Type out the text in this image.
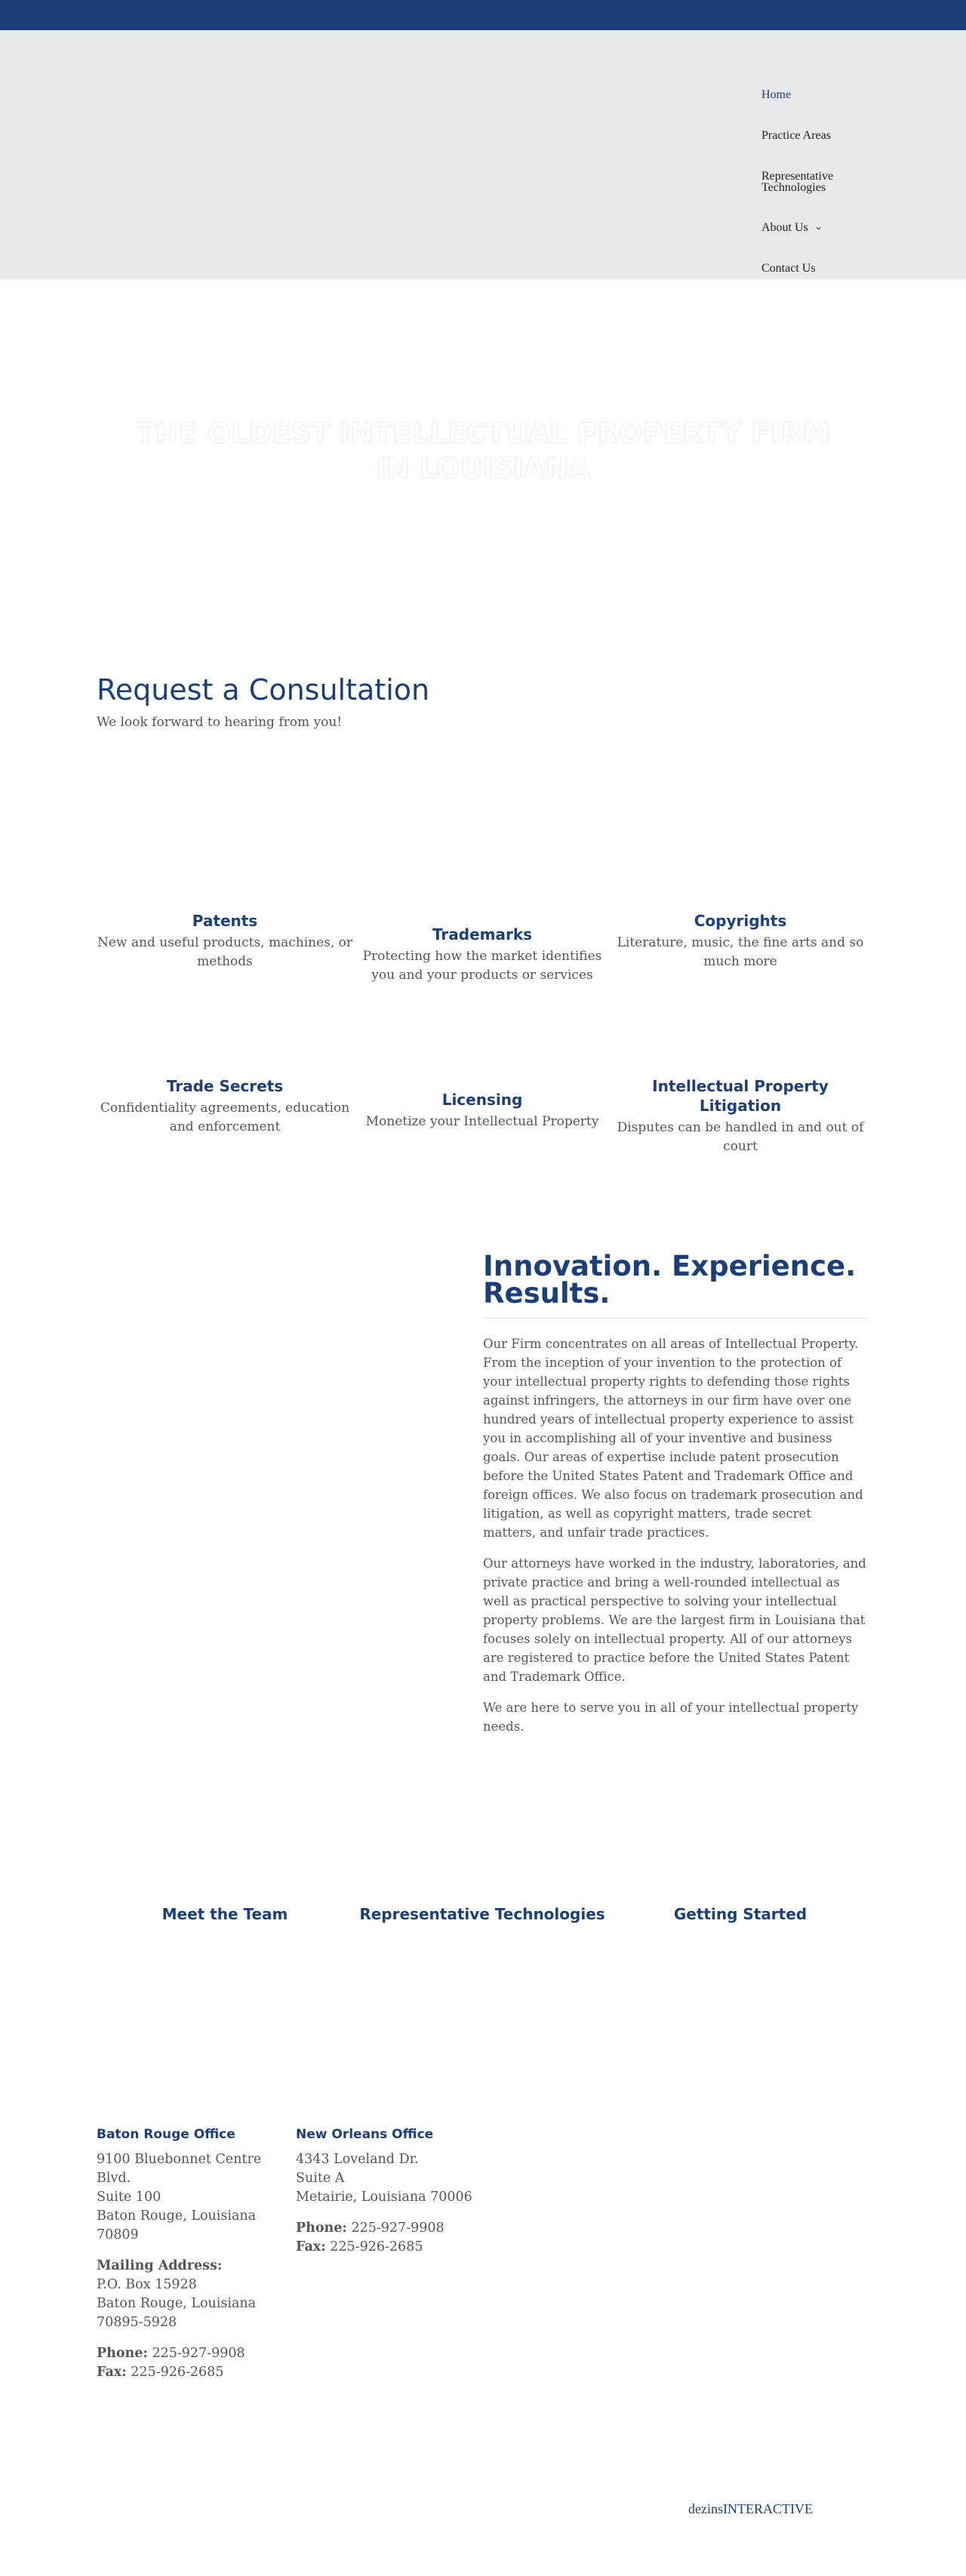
Home
Practice Areas
Representative Technologies
About Us ⌄
Contact Us
THE OLDEST INTELLECTUAL PROPERTY FIRM IN LOUISIANA
Request a Consultation

We look forward to hearing from you!

Patents
New and useful products, machines, or methods
Trademarks
Protecting how the market identifies you and your products or services
Copyrights
Literature, music, the fine arts and so much more
Trade Secrets
Confidentiality agreements, education and enforcement
Licensing
Monetize your Intellectual Property
Intellectual Property Litigation
Disputes can be handled in and out of court
Innovation. Experience. Results.

Our Firm concentrates on all areas of Intellectual Property. From the inception of your invention to the protection of your intellectual property rights to defending those rights against infringers, the attorneys in our firm have over one hundred years of intellectual property experience to assist you in accomplishing all of your inventive and business goals. Our areas of expertise include patent prosecution before the United States Patent and Trademark Office and foreign offices. We also focus on trademark prosecution and litigation, as well as copyright matters, trade secret matters, and unfair trade practices.

Our attorneys have worked in the industry, laboratories, and private practice and bring a well-rounded intellectual as well as practical perspective to solving your intellectual property problems. We are the largest firm in Louisiana that focuses solely on intellectual property. All of our attorneys are registered to practice before the United States Patent and Trademark Office.

We are here to serve you in all of your intellectual property needs.

Meet the Team	Representative Technologies	Getting Started
Baton Rouge Office
9100 Bluebonnet Centre Blvd.
Suite 100
Baton Rouge, Louisiana 70809
Mailing Address:
P.O. Box 15928
Baton Rouge, Louisiana 70895-5928
Phone: 225-927-9908
Fax: 225-926-2685
New Orleans Office
4343 Loveland Dr.
Suite A
Metairie, Louisiana 70006
Phone: 225-927-9908
Fax: 225-926-2685
dezinsINTERACTIVE
